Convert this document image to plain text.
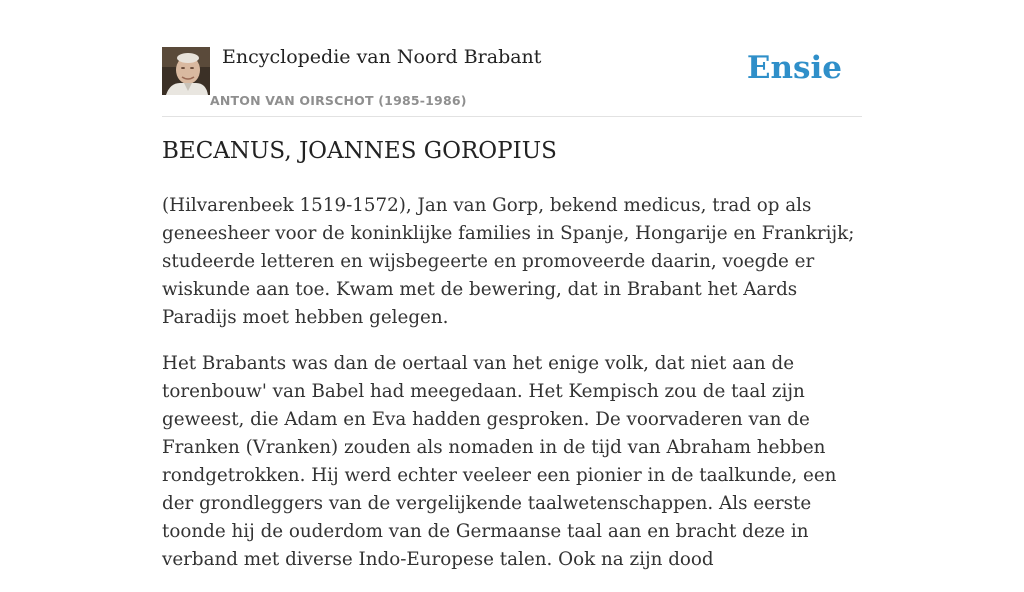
Encyclopedie van Noord Brabant
ANTON VAN OIRSCHOT (1985-1986)
Ensie
BECANUS, JOANNES GOROPIUS

(Hilvarenbeek 1519-1572), Jan van Gorp, bekend medicus, trad op als geneesheer voor de koninklijke families in Spanje, Hongarije en Frankrijk; studeerde letteren en wijsbegeerte en promoveerde daarin, voegde er wiskunde aan toe. Kwam met de bewering, dat in Brabant het Aards Paradijs moet hebben gelegen.

Het Brabants was dan de oertaal van het enige volk, dat niet aan de torenbouw' van Babel had meegedaan. Het Kempisch zou de taal zijn geweest, die Adam en Eva hadden gesproken. De voorvaderen van de Franken (Vranken) zouden als nomaden in de tijd van Abraham hebben rondgetrokken. Hij werd echter veeleer een pionier in de taalkunde, een der grondleggers van de vergelijkende taalwetenschappen. Als eerste toonde hij de ouderdom van de Germaanse taal aan en bracht deze in verband met diverse Indo-Europese talen. Ook na zijn dood
